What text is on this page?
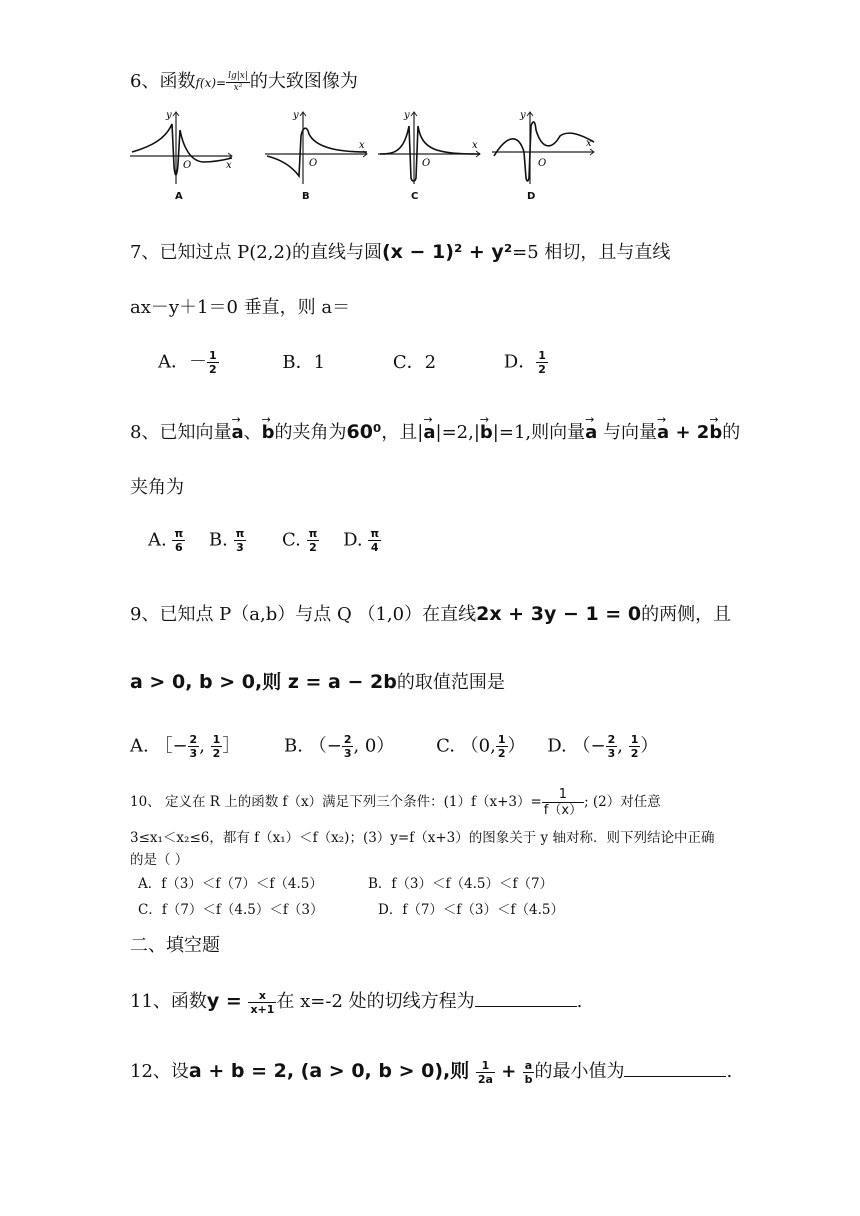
6、函数$f(x)= \frac{\lg|x|}{\text{x²}}$ 的大致图像为
y
x
O
y
x
O
y
x
O
y
x
O
A	B	C	D
7、已知过点 P(2,2)的直线与圆(x − 1)² + y²=5 相切，且与直线
ax－y＋1＝0 垂直，则 a＝
A．－ $\frac{1}{2}$	B．1	C．2	D． $\frac{1}{2}$
8、已知向量→ a、→ b的夹角为60⁰，且|→ a|=2,|→ b|=1,则向量→ a 与向量→ a + 2→ b的
夹角为
A. $\frac{\pi}{6} B$. $\frac{\pi}{3} C$. $\frac{\pi}{2} D$. $\frac{\pi}{4}$
9、已知点 P（a,b）与点 Q （1,0）在直线2x + 3y − 1 = 0的两侧，且
a > 0, b > 0,则 z = a − 2b的取值范围是
A. ［− $\frac{2}{3}$ , $\frac{1}{2}$ ］ B. （− $\frac{2}{3}$ , 0） C. （0, $\frac{1}{2}$ ） D. （− $\frac{2}{3}$ , $\frac{1}{2}$ ）
10、 定义在 R 上的函数 f（x）满足下列三个条件：$(1)f(x+3)= \frac{1}{f(x)}$ ; (2）对任意
3≤x₁＜x₂≤6，都有 f（x₁）＜f（x₂)；(3）y=f（x+3）的图象关于 y 轴对称．则下列结论中正确
的是（ ）
A．f（3）＜f（7）＜f（4.5）	B．f（3）＜f（4.5）＜f（7）
C．f（7）＜f（4.5）＜f（3）	D．f（7）＜f（3）＜f（4.5）
二、填空题
11、函数$y = \frac{x}{x+1}$ 在 x=-2 处的切线方程为	.
12、设a + b = 2, (a > 0, b > 0),则 $\frac{1}{2a} + \frac{a}{b}$ 的最小值为	.
